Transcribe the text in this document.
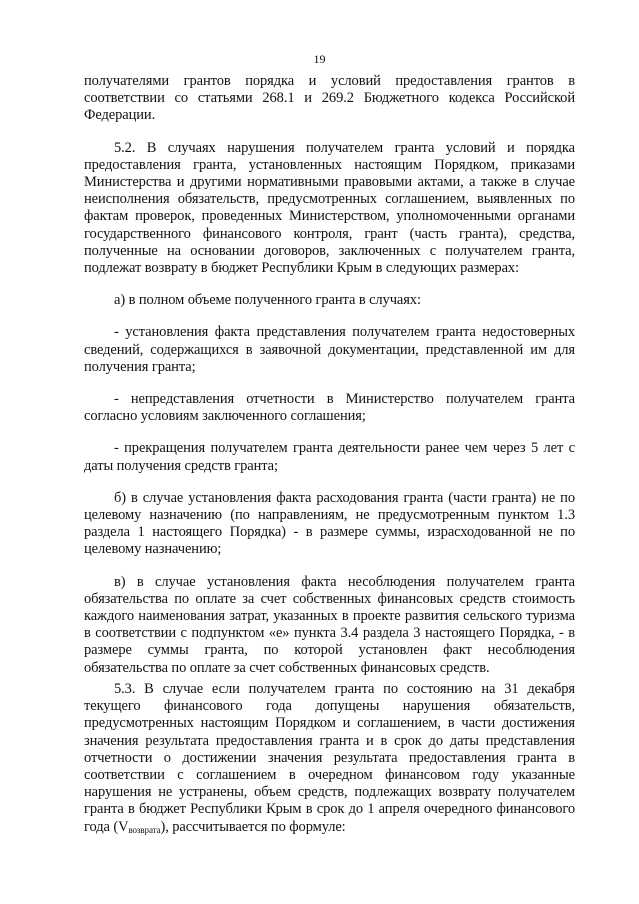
19

получателями грантов порядка и условий предоставления грантов в соответствии со статьями 268.1 и 269.2 Бюджетного кодекса Российской Федерации.

5.2. В случаях нарушения получателем гранта условий и порядка предоставления гранта, установленных настоящим Порядком, приказами Министерства и другими нормативными правовыми актами, а также в случае неисполнения обязательств, предусмотренных соглашением, выявленных по фактам проверок, проведенных Министерством, уполномоченными органами государственного финансового контроля, грант (часть гранта), средства, полученные на основании договоров, заключенных с получателем гранта, подлежат возврату в бюджет Республики Крым в следующих размерах:

а) в полном объеме полученного гранта в случаях:

- установления факта представления получателем гранта недостоверных сведений, содержащихся в заявочной документации, представленной им для получения гранта;

- непредставления отчетности в Министерство получателем гранта согласно условиям заключенного соглашения;

- прекращения получателем гранта деятельности ранее чем через 5 лет с даты получения средств гранта;

б) в случае установления факта расходования гранта (части гранта) не по целевому назначению (по направлениям, не предусмотренным пунктом 1.3 раздела 1 настоящего Порядка) - в размере суммы, израсходованной не по целевому назначению;

в) в случае установления факта несоблюдения получателем гранта обязательства по оплате за счет собственных финансовых средств стоимость каждого наименования затрат, указанных в проекте развития сельского туризма в соответствии с подпунктом «е» пункта 3.4 раздела 3 настоящего Порядка, - в размере суммы гранта, по которой установлен факт несоблюдения обязательства по оплате за счет собственных финансовых средств.

5.3. В случае если получателем гранта по состоянию на 31 декабря текущего финансового года допущены нарушения обязательств, предусмотренных настоящим Порядком и соглашением, в части достижения значения результата предоставления гранта и в срок до даты представления отчетности о достижении значения результата предоставления гранта в соответствии с соглашением в очередном финансовом году указанные нарушения не устранены, объем средств, подлежащих возврату получателем гранта в бюджет Республики Крым в срок до 1 апреля очередного финансового года $(V_{возврата})$, рассчитывается по формуле:
